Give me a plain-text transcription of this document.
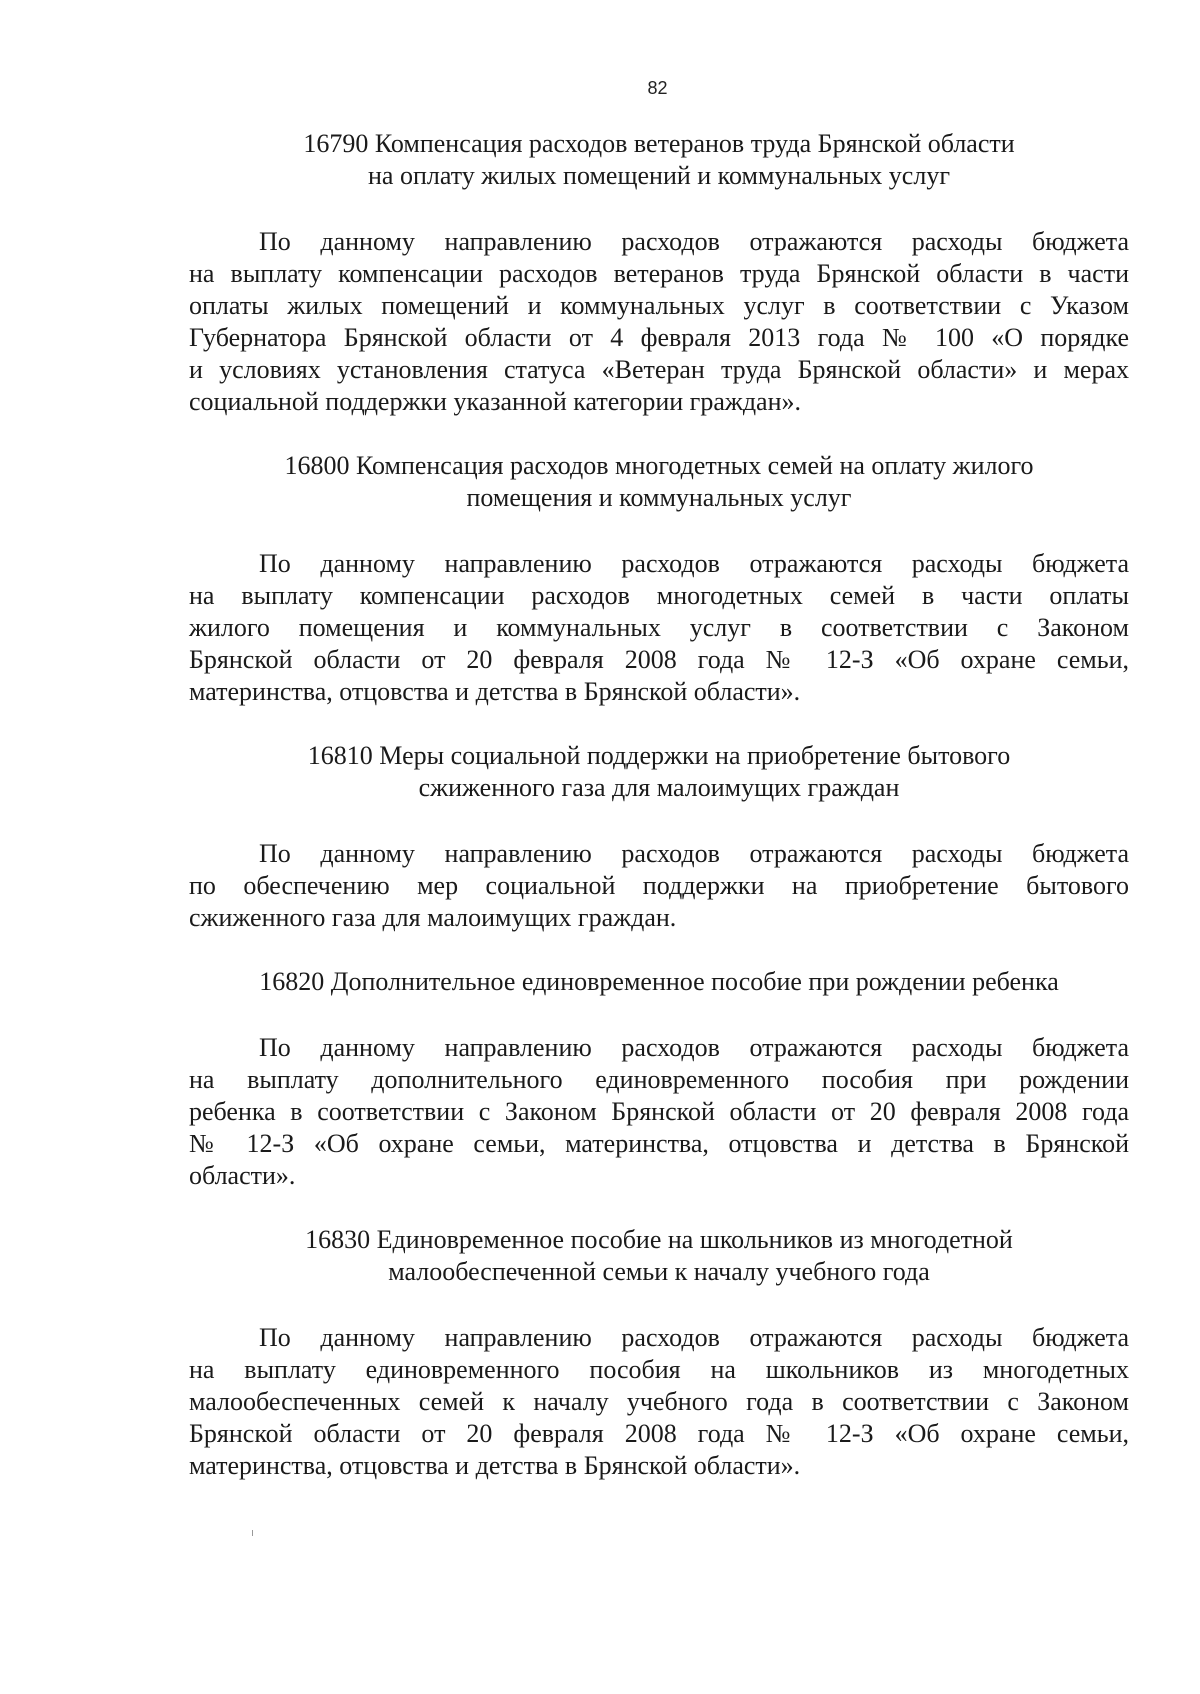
82
16790 Компенсация расходов ветеранов труда Брянской области
на оплату жилых помещений и коммунальных услуг
По данному направлению расходов отражаются расходы бюджета
на выплату компенсации расходов ветеранов труда Брянской области в части
оплаты жилых помещений и коммунальных услуг в соответствии с Указом
Губернатора Брянской области от 4 февраля 2013 года № 100 «О порядке
и условиях установления статуса «Ветеран труда Брянской области» и мерах
социальной поддержки указанной категории граждан».
16800 Компенсация расходов многодетных семей на оплату жилого
помещения и коммунальных услуг
По данному направлению расходов отражаются расходы бюджета
на выплату компенсации расходов многодетных семей в части оплаты
жилого помещения и коммунальных услуг в соответствии с Законом
Брянской области от 20 февраля 2008 года № 12-З «Об охране семьи,
материнства, отцовства и детства в Брянской области».
16810 Меры социальной поддержки на приобретение бытового
сжиженного газа для малоимущих граждан
По данному направлению расходов отражаются расходы бюджета
по обеспечению мер социальной поддержки на приобретение бытового
сжиженного газа для малоимущих граждан.
16820 Дополнительное единовременное пособие при рождении ребенка
По данному направлению расходов отражаются расходы бюджета
на выплату дополнительного единовременного пособия при рождении
ребенка в соответствии с Законом Брянской области от 20 февраля 2008 года
№ 12-З «Об охране семьи, материнства, отцовства и детства в Брянской
области».
16830 Единовременное пособие на школьников из многодетной
малообеспеченной семьи к началу учебного года
По данному направлению расходов отражаются расходы бюджета
на выплату единовременного пособия на школьников из многодетных
малообеспеченных семей к началу учебного года в соответствии с Законом
Брянской области от 20 февраля 2008 года № 12-З «Об охране семьи,
материнства, отцовства и детства в Брянской области».
